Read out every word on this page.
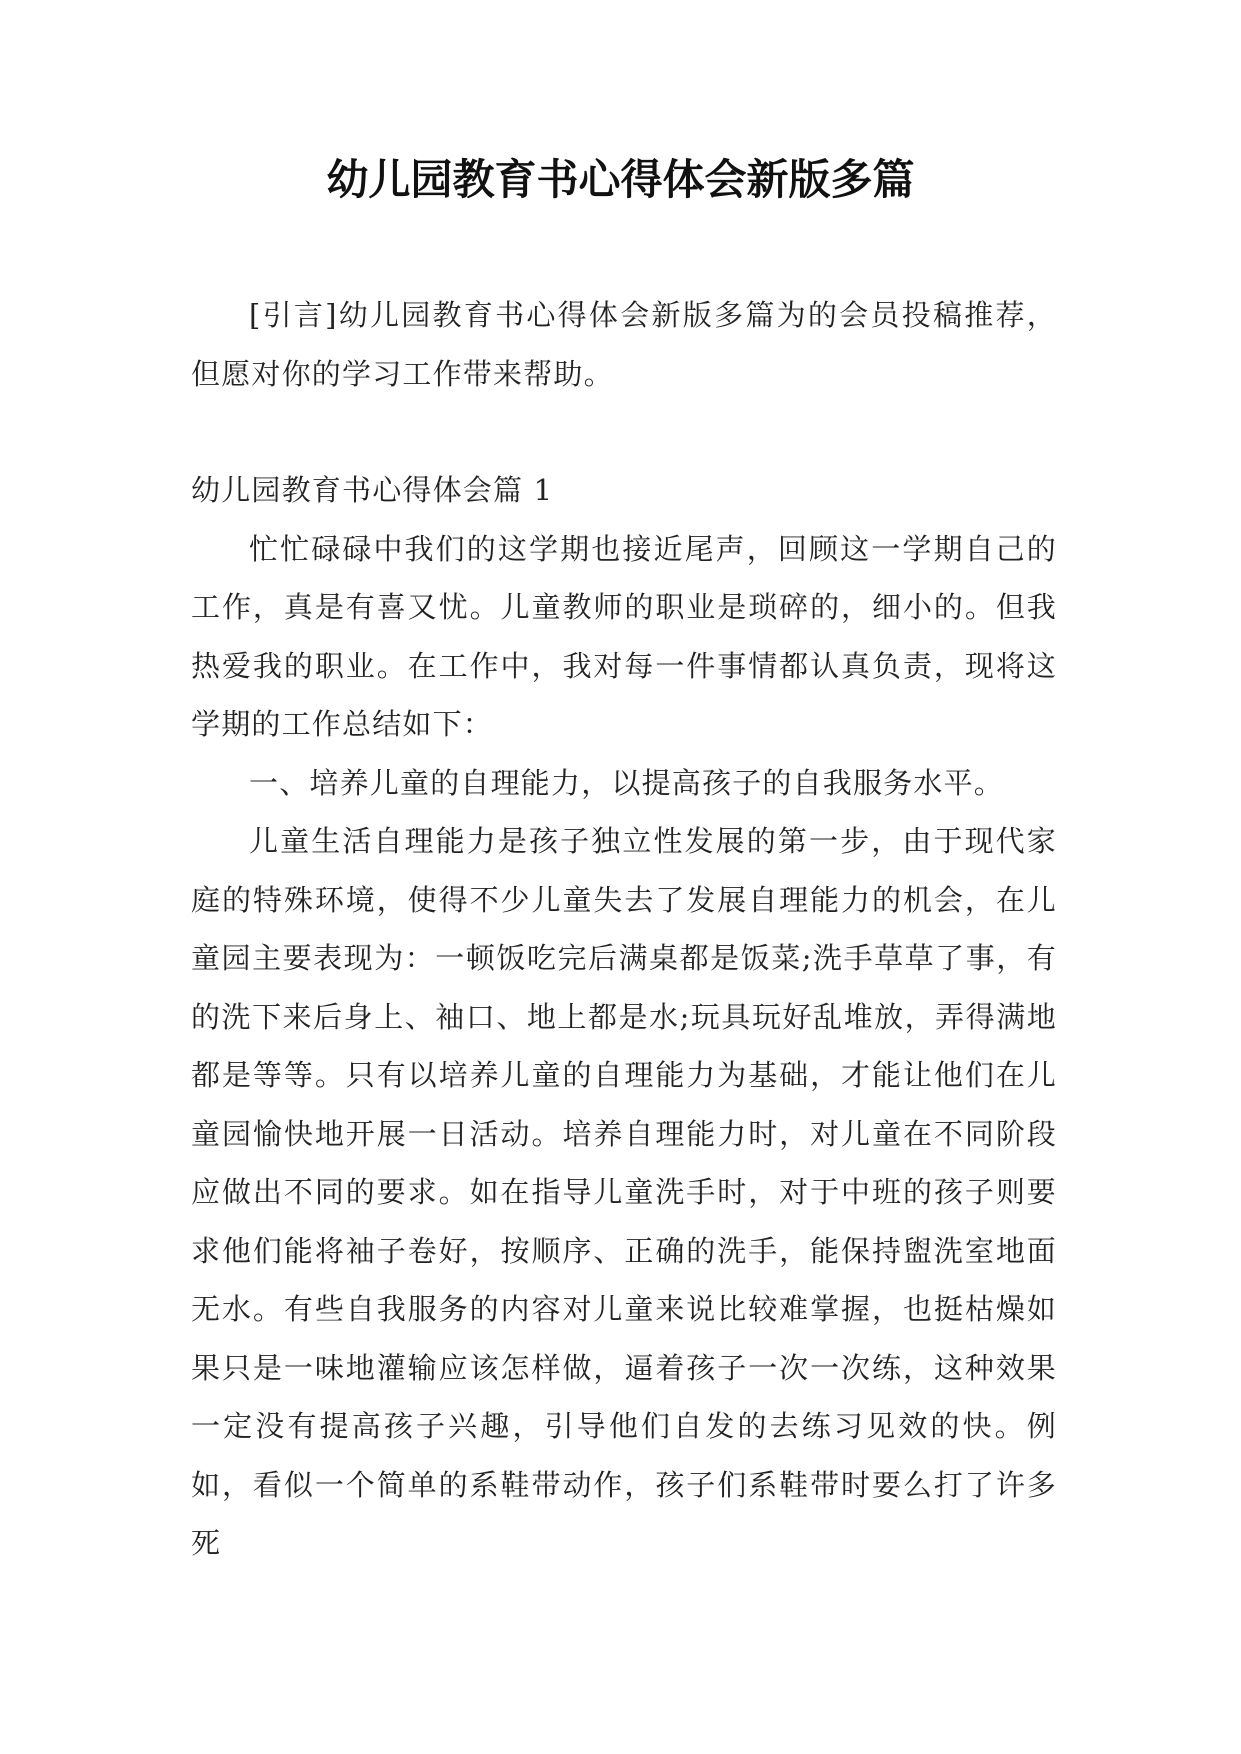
幼儿园教育书心得体会新版多篇

[引言]幼儿园教育书心得体会新版多篇为的会员投稿推荐，但愿对你的学习工作带来帮助。

幼儿园教育书心得体会篇 1

忙忙碌碌中我们的这学期也接近尾声，回顾这一学期自己的工作，真是有喜又忧。儿童教师的职业是琐碎的，细小的。但我热爱我的职业。在工作中，我对每一件事情都认真负责，现将这学期的工作总结如下：

一、培养儿童的自理能力，以提高孩子的自我服务水平。

儿童生活自理能力是孩子独立性发展的第一步，由于现代家庭的特殊环境，使得不少儿童失去了发展自理能力的机会，在儿童园主要表现为：一顿饭吃完后满桌都是饭菜;洗手草草了事，有的洗下来后身上、袖口、地上都是水;玩具玩好乱堆放，弄得满地都是等等。只有以培养儿童的自理能力为基础，才能让他们在儿童园愉快地开展一日活动。培养自理能力时，对儿童在不同阶段应做出不同的要求。如在指导儿童洗手时，对于中班的孩子则要求他们能将袖子卷好，按顺序、正确的洗手，能保持盥洗室地面无水。有些自我服务的内容对儿童来说比较难掌握，也挺枯燥如果只是一味地灌输应该怎样做，逼着孩子一次一次练，这种效果一定没有提高孩子兴趣，引导他们自发的去练习见效的快。例如，看似一个简单的系鞋带动作，孩子们系鞋带时要么打了许多死
